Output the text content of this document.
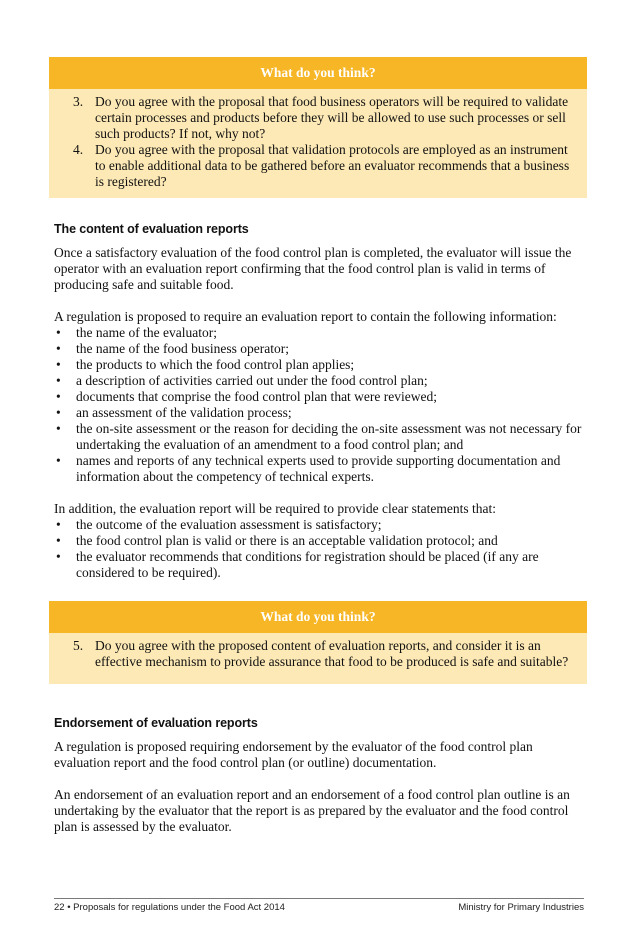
What do you think?
3. Do you agree with the proposal that food business operators will be required to validate certain processes and products before they will be allowed to use such processes or sell such products? If not, why not?
4. Do you agree with the proposal that validation protocols are employed as an instrument to enable additional data to be gathered before an evaluator recommends that a business is registered?
The content of evaluation reports

Once a satisfactory evaluation of the food control plan is completed, the evaluator will issue the operator with an evaluation report confirming that the food control plan is valid in terms of producing safe and suitable food.

A regulation is proposed to require an evaluation report to contain the following information:

• the name of the evaluator;
• the name of the food business operator;
• the products to which the food control plan applies;
• a description of activities carried out under the food control plan;
• documents that comprise the food control plan that were reviewed;
• an assessment of the validation process;
• the on-site assessment or the reason for deciding the on-site assessment was not necessary for undertaking the evaluation of an amendment to a food control plan; and
• names and reports of any technical experts used to provide supporting documentation and information about the competency of technical experts.

In addition, the evaluation report will be required to provide clear statements that:

• the outcome of the evaluation assessment is satisfactory;
• the food control plan is valid or there is an acceptable validation protocol; and
• the evaluator recommends that conditions for registration should be placed (if any are considered to be required).
What do you think?
5. Do you agree with the proposed content of evaluation reports, and consider it is an effective mechanism to provide assurance that food to be produced is safe and suitable?
Endorsement of evaluation reports

A regulation is proposed requiring endorsement by the evaluator of the food control plan evaluation report and the food control plan (or outline) documentation.

An endorsement of an evaluation report and an endorsement of a food control plan outline is an undertaking by the evaluator that the report is as prepared by the evaluator and the food control plan is assessed by the evaluator.

22 • Proposals for regulations under the Food Act 2014	Ministry for Primary Industries
